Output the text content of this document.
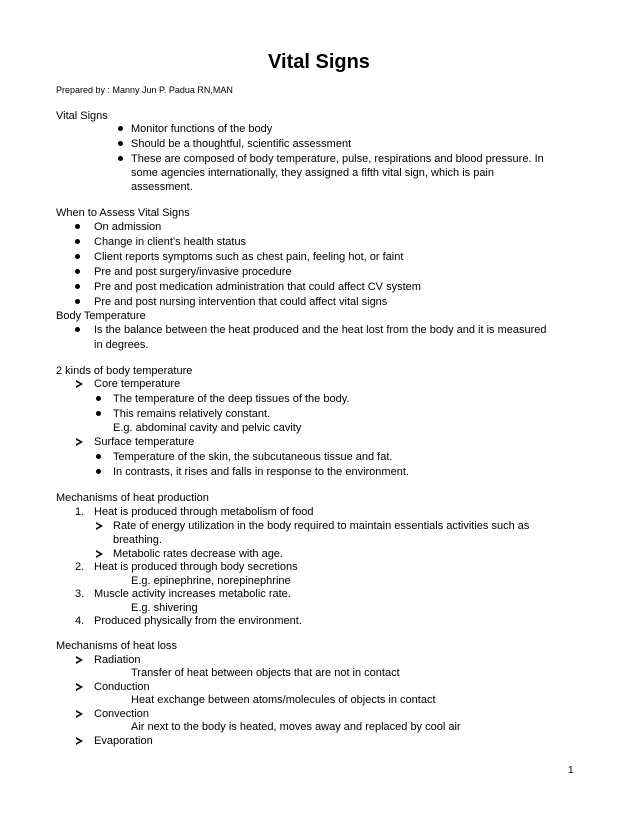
Vital Signs
Prepared by : Manny Jun P. Padua RN,MAN
Vital Signs
Monitor functions of the body
Should be a thoughtful, scientific assessment
These are composed of body temperature, pulse, respirations and blood pressure. In
some agencies internationally, they assigned a fifth vital sign, which is pain
assessment.
When to Assess Vital Signs
On admission
Change in client’s health status
Client reports symptoms such as chest pain, feeling hot, or faint
Pre and post surgery/invasive procedure
Pre and post medication administration that could affect CV system
Pre and post nursing intervention that could affect vital signs
Body Temperature
Is the balance between the heat produced and the heat lost from the body and it is measured
in degrees.
2 kinds of body temperature
Core temperature
The temperature of the deep tissues of the body.
This remains relatively constant.
E.g. abdominal cavity and pelvic cavity
Surface temperature
Temperature of the skin, the subcutaneous tissue and fat.
In contrasts, it rises and falls in response to the environment.
Mechanisms of heat production
1. Heat is produced through metabolism of food
Rate of energy utilization in the body required to maintain essentials activities such as
breathing.
Metabolic rates decrease with age.
2. Heat is produced through body secretions
E.g. epinephrine, norepinephrine
3. Muscle activity increases metabolic rate.
E.g. shivering
4. Produced physically from the environment.
Mechanisms of heat loss
Radiation
Transfer of heat between objects that are not in contact
Conduction
Heat exchange between atoms/molecules of objects in contact
Convection
Air next to the body is heated, moves away and replaced by cool air
Evaporation
1
